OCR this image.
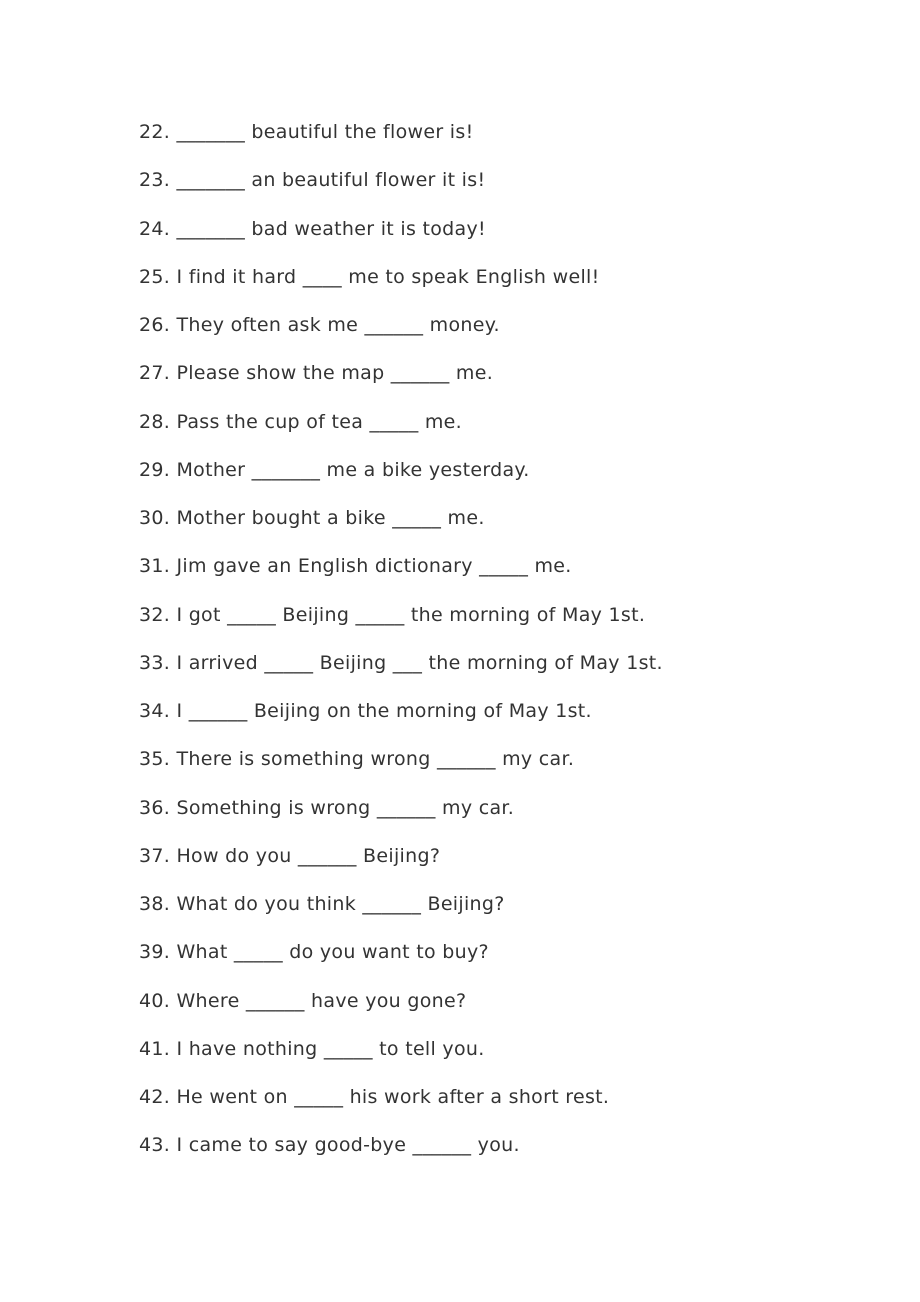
22. _______ beautiful the flower is!
23. _______ an beautiful flower it is!
24. _______ bad weather it is today!
25. I find it hard ____ me to speak English well!
26. They often ask me ______ money.
27. Please show the map ______ me.
28. Pass the cup of tea _____ me.
29. Mother _______ me a bike yesterday.
30. Mother bought a bike _____ me.
31. Jim gave an English dictionary _____ me.
32. I got _____ Beijing _____ the morning of May 1st.
33. I arrived _____ Beijing ___ the morning of May 1st.
34. I ______ Beijing on the morning of May 1st.
35. There is something wrong ______ my car.
36. Something is wrong ______ my car.
37. How do you ______ Beijing?
38. What do you think ______ Beijing?
39. What _____ do you want to buy?
40. Where ______ have you gone?
41. I have nothing _____ to tell you.
42. He went on _____ his work after a short rest.
43. I came to say good-bye ______ you.
